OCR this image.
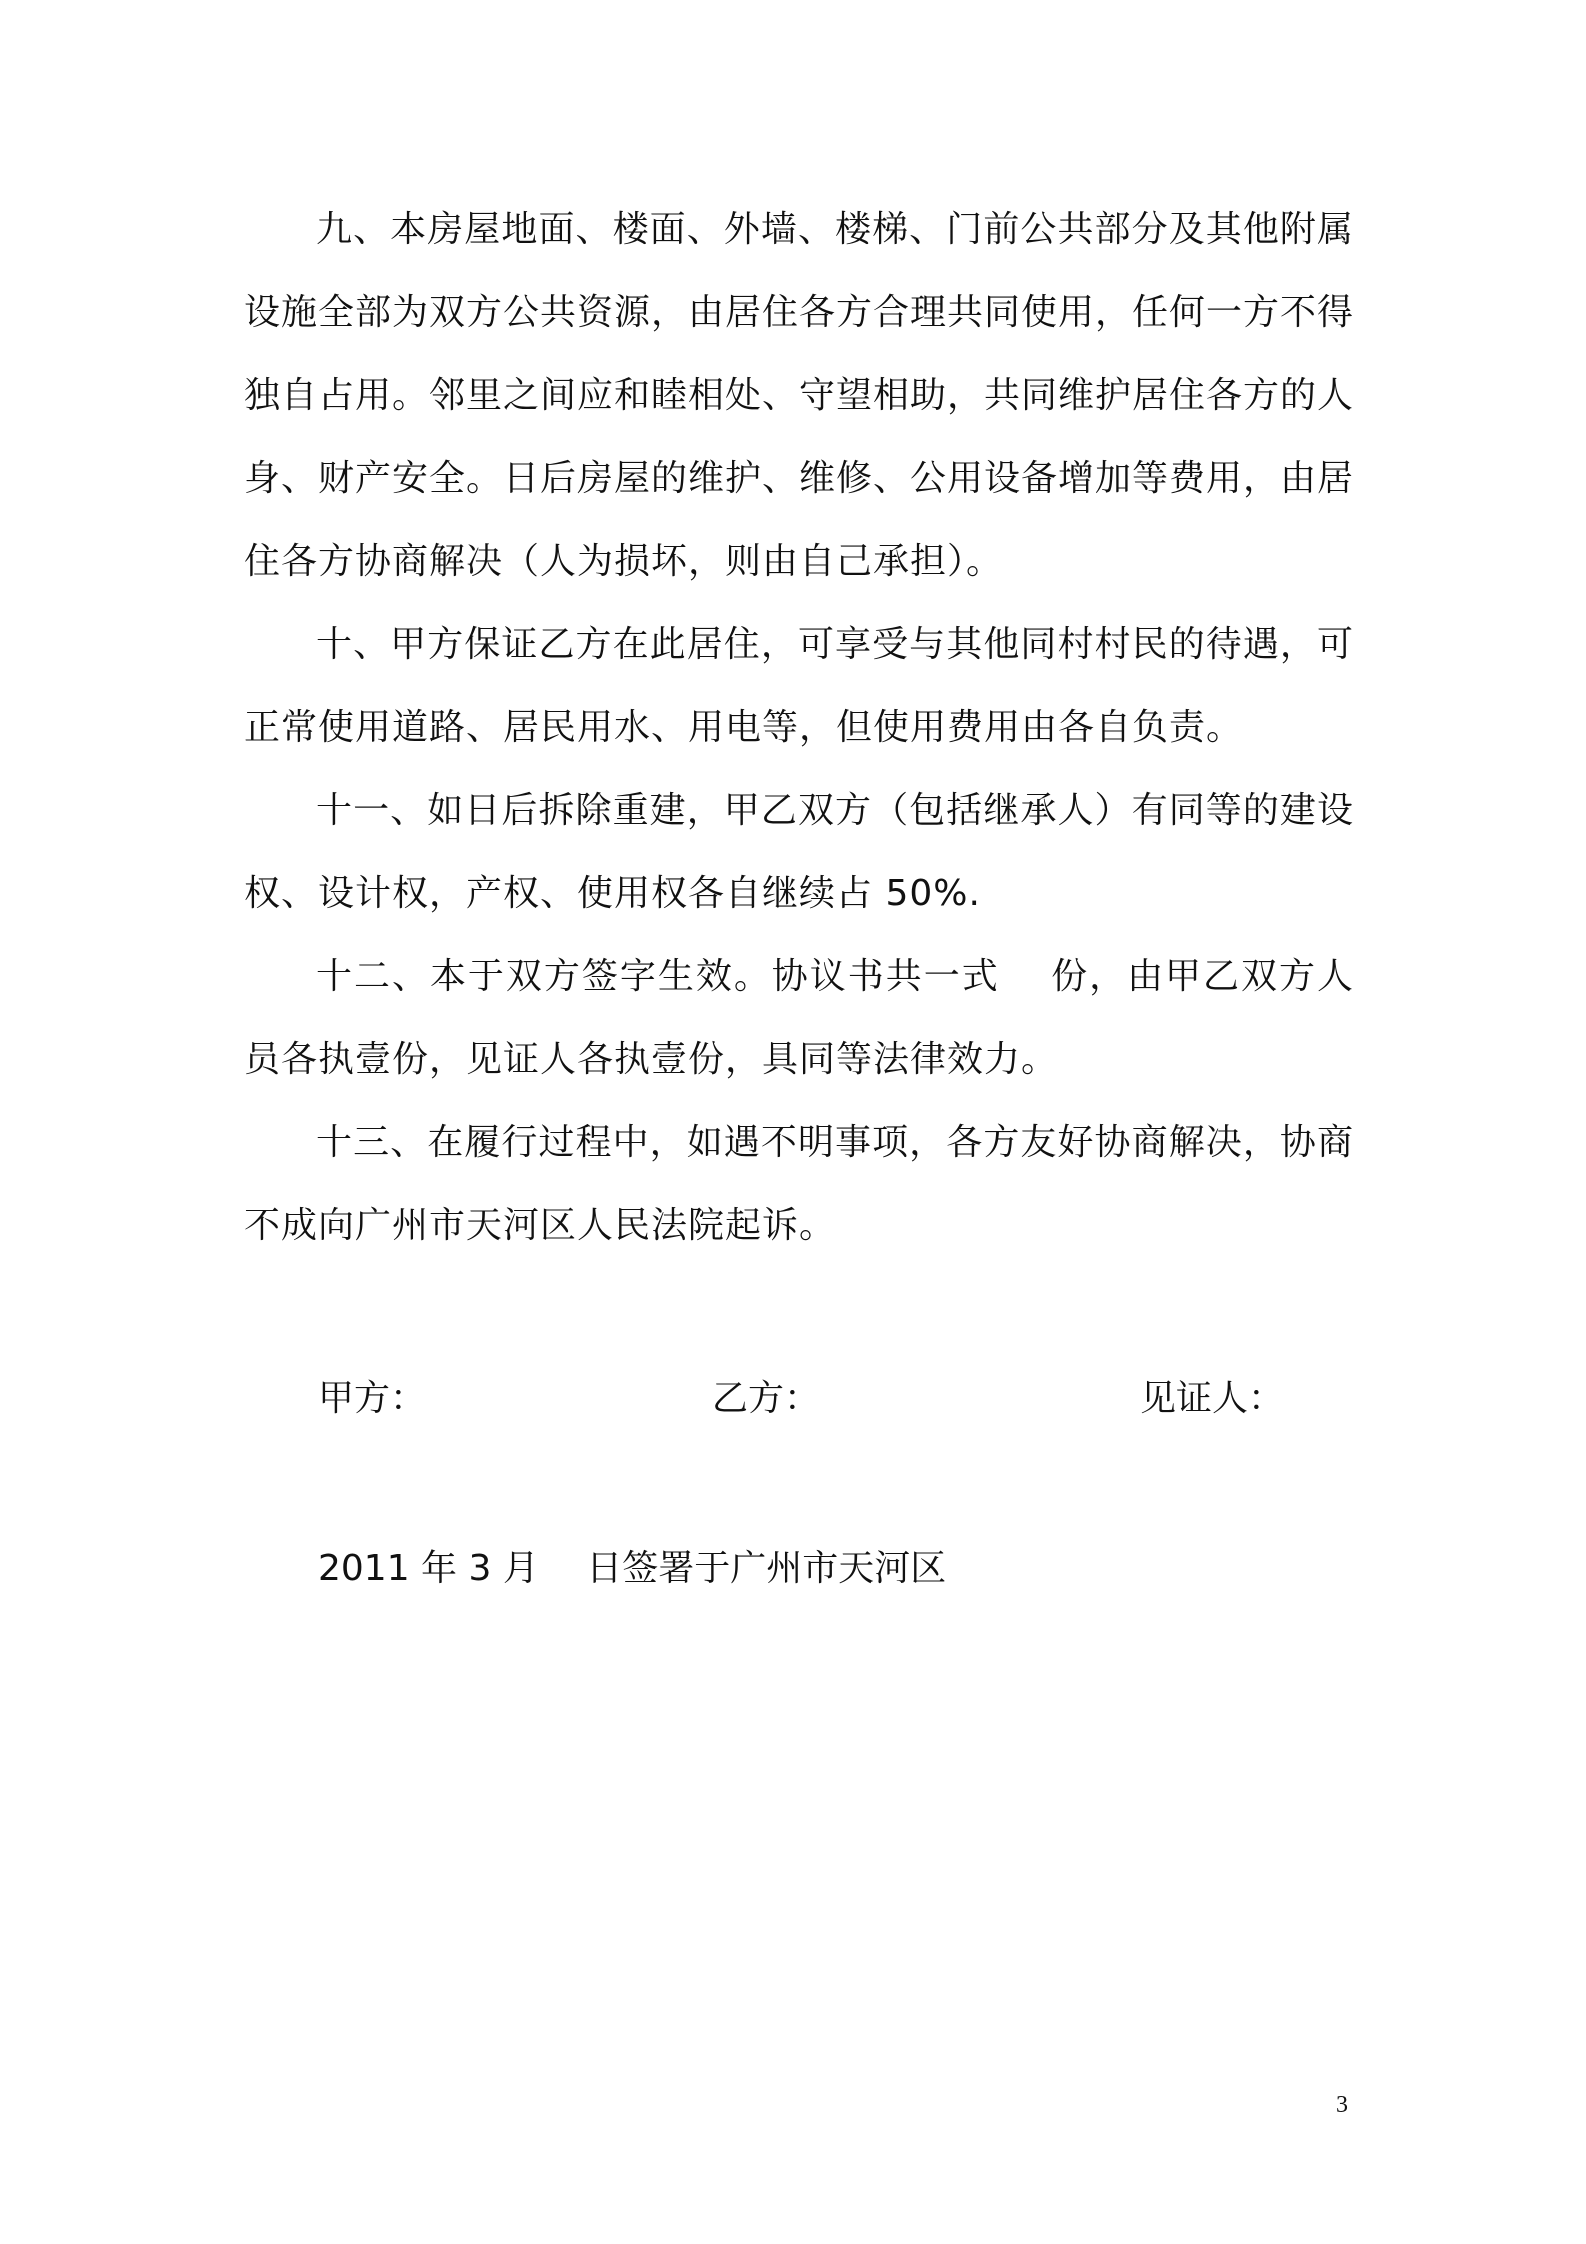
九、本房屋地面、楼面、外墙、楼梯、门前公共部分及其他附属设施全部为双方公共资源，由居住各方合理共同使用，任何一方不得独自占用。邻里之间应和睦相处、守望相助，共同维护居住各方的人身、财产安全。日后房屋的维护、维修、公用设备增加等费用，由居住各方协商解决（人为损坏，则由自己承担）。

十、甲方保证乙方在此居住，可享受与其他同村村民的待遇，可正常使用道路、居民用水、用电等，但使用费用由各自负责。

十一、如日后拆除重建，甲乙双方（包括继承人）有同等的建设权、设计权，产权、使用权各自继续占 50%.

十二、本于双方签字生效。协议书共一式　 份，由甲乙双方人员各执壹份，见证人各执壹份，具同等法律效力。

十三、在履行过程中，如遇不明事项，各方友好协商解决，协商不成向广州市天河区人民法院起诉。

甲方：	乙方：	见证人：
2011 年 3 月　 日签署于广州市天河区
3
